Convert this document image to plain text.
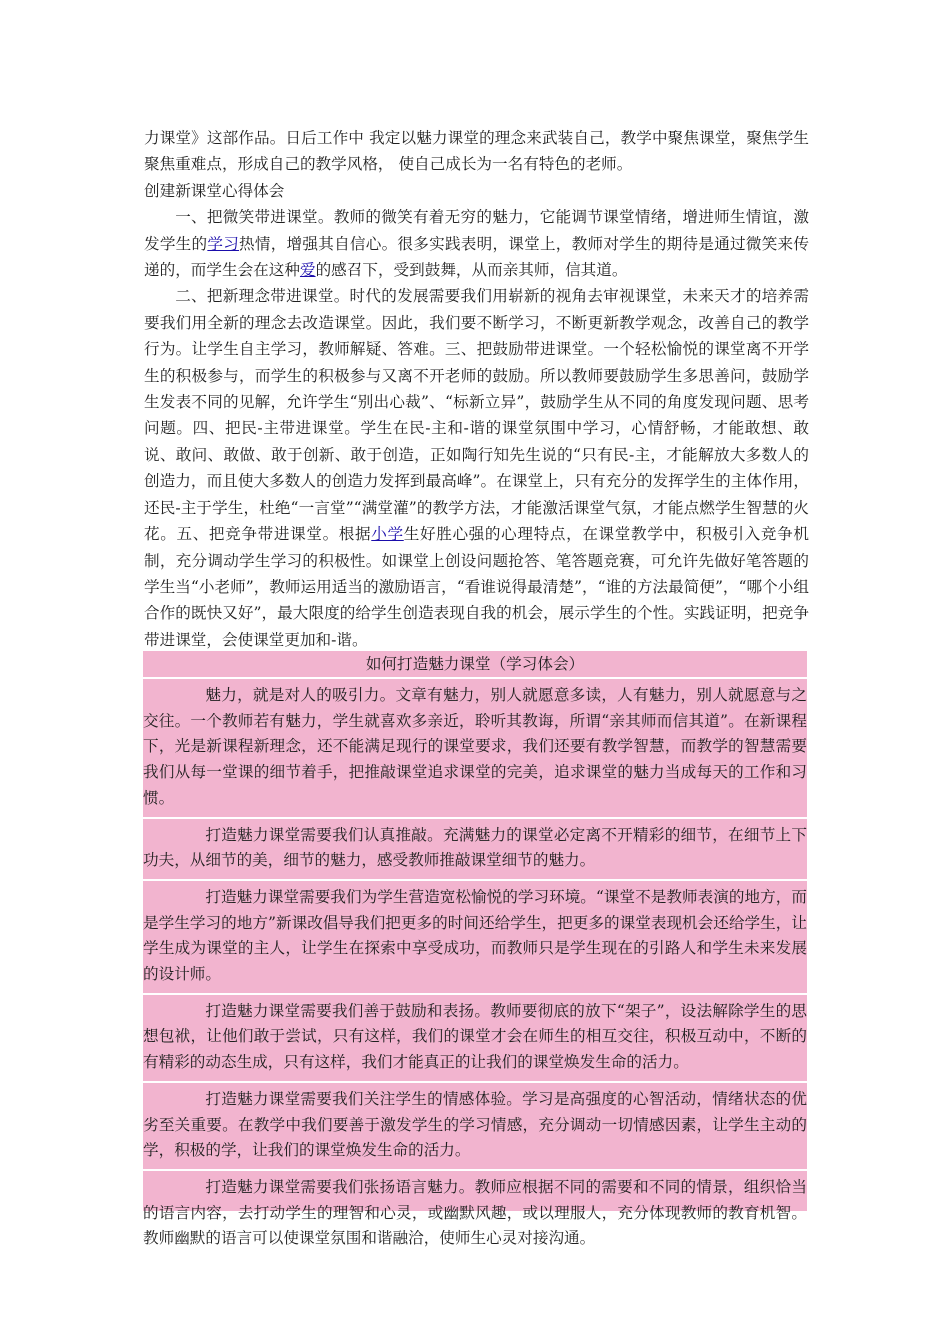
力课堂》这部作品。日后工作中 我定以魅力课堂的理念来武装自己，教学中聚焦课堂，聚焦学生聚焦重难点，形成自己的教学风格， 使自己成长为一名有特色的老师。

创建新课堂心得体会

一、把微笑带进课堂。教师的微笑有着无穷的魅力，它能调节课堂情绪，增进师生情谊，激发学生的学习热情，增强其自信心。很多实践表明，课堂上，教师对学生的期待是通过微笑来传递的，而学生会在这种爱的感召下，受到鼓舞，从而亲其师，信其道。

二、把新理念带进课堂。时代的发展需要我们用崭新的视角去审视课堂，未来天才的培养需要我们用全新的理念去改造课堂。因此，我们要不断学习，不断更新教学观念，改善自己的教学行为。让学生自主学习，教师解疑、答难。三、把鼓励带进课堂。一个轻松愉悦的课堂离不开学生的积极参与，而学生的积极参与又离不开老师的鼓励。所以教师要鼓励学生多思善问，鼓励学生发表不同的见解，允许学生“别出心裁”、“标新立异”，鼓励学生从不同的角度发现问题、思考问题。四、把民-主带进课堂。学生在民-主和-谐的课堂氛围中学习，心情舒畅，才能敢想、敢说、敢问、敢做、敢于创新、敢于创造，正如陶行知先生说的“只有民-主，才能解放大多数人的创造力，而且使大多数人的创造力发挥到最高峰”。在课堂上，只有充分的发挥学生的主体作用，还民-主于学生，杜绝“一言堂”“满堂灌”的教学方法，才能激活课堂气氛，才能点燃学生智慧的火花。五、把竞争带进课堂。根据小学生好胜心强的心理特点，在课堂教学中，积极引入竞争机制，充分调动学生学习的积极性。如课堂上创设问题抢答、笔答题竞赛，可允许先做好笔答题的学生当“小老师”，教师运用适当的激励语言，“看谁说得最清楚”，“谁的方法最简便”，“哪个小组合作的既快又好”，最大限度的给学生创造表现自我的机会，展示学生的个性。实践证明，把竞争带进课堂，会使课堂更加和-谐。

如何打造魅力课堂（学习体会）

魅力，就是对人的吸引力。文章有魅力，别人就愿意多读，人有魅力，别人就愿意与之交往。一个教师若有魅力，学生就喜欢多亲近，聆听其教诲，所谓“亲其师而信其道”。在新课程下，光是新课程新理念，还不能满足现行的课堂要求，我们还要有教学智慧，而教学的智慧需要我们从每一堂课的细节着手，把推敲课堂追求课堂的完美，追求课堂的魅力当成每天的工作和习惯。

打造魅力课堂需要我们认真推敲。充满魅力的课堂必定离不开精彩的细节，在细节上下功夫，从细节的美，细节的魅力，感受教师推敲课堂细节的魅力。

打造魅力课堂需要我们为学生营造宽松愉悦的学习环境。“课堂不是教师表演的地方，而是学生学习的地方”新课改倡导我们把更多的时间还给学生，把更多的课堂表现机会还给学生，让学生成为课堂的主人，让学生在探索中享受成功，而教师只是学生现在的引路人和学生未来发展的设计师。

打造魅力课堂需要我们善于鼓励和表扬。教师要彻底的放下“架子”，设法解除学生的思想包袱，让他们敢于尝试，只有这样，我们的课堂才会在师生的相互交往，积极互动中，不断的有精彩的动态生成，只有这样，我们才能真正的让我们的课堂焕发生命的活力。

打造魅力课堂需要我们关注学生的情感体验。学习是高强度的心智活动，情绪状态的优劣至关重要。在教学中我们要善于激发学生的学习情感，充分调动一切情感因素，让学生主动的学，积极的学，让我们的课堂焕发生命的活力。

打造魅力课堂需要我们张扬语言魅力。教师应根据不同的需要和不同的情景，组织恰当的语言内容，去打动学生的理智和心灵，或幽默风趣，或以理服人，充分体现教师的教育机智。教师幽默的语言可以使课堂氛围和谐融洽，使师生心灵对接沟通。
